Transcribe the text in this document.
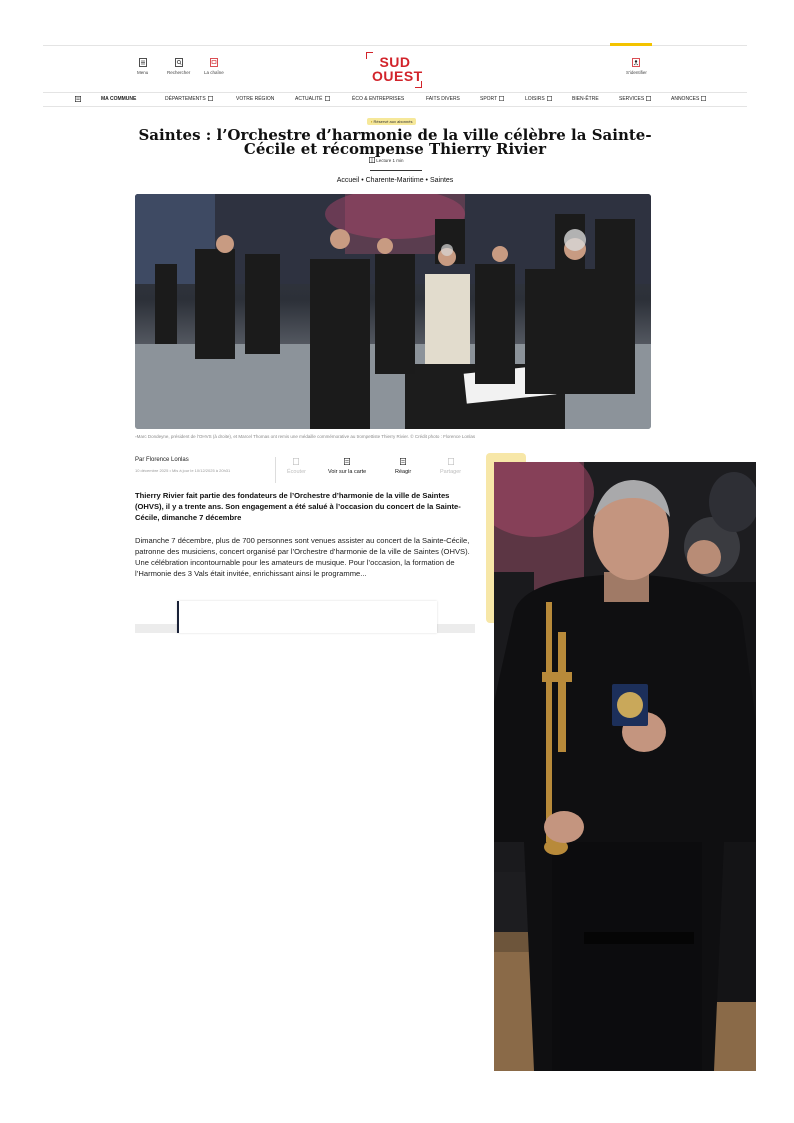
Menu	Rechercher	La chaîne
SUD
OUEST	S'identifier
MA COMMUNE	DÉPARTEMENTS	VOTRE RÉGION	ACTUALITÉ	ÉCO & ENTREPRISES	FAITS DIVERS	SPORT	LOISIRS	BIEN-ÊTRE	SERVICES	ANNONCES
▪ Réservé aux abonnés
Saintes : l’Orchestre d’harmonie de la ville célèbre la Sainte-Cécile et récompense Thierry Rivier
Lecture 1 min
Accueil • Charente-Maritime • Saintes
▫Marc Dondeyne, président de l’OHVS (à droite), et Marcel Thomas ont remis une médaille commémorative au trompettiste Thierry Rivier. © Crédit photo : Florence Lonlas
Par Florence Lonlas
10 décembre 2025 • Mis à jour le 10/12/2025 à 20h31	Écouter	Voir sur la carte	Réagir	Partager

Thierry Rivier fait partie des fondateurs de l’Orchestre d’harmonie de la ville de Saintes (OHVS), il y a trente ans. Son engagement a été salué à l’occasion du concert de la Sainte-Cécile, dimanche 7 décembre

Dimanche 7 décembre, plus de 700 personnes sont venues assister au concert de la Sainte-Cécile, patronne des musiciens, concert organisé par l’Orchestre d’harmonie de la ville de Saintes (OHVS). Une célébration incontournable pour les amateurs de musique. Pour l’occasion, la formation de l’Harmonie des 3 Vals était invitée, enrichissant ainsi le programme...
